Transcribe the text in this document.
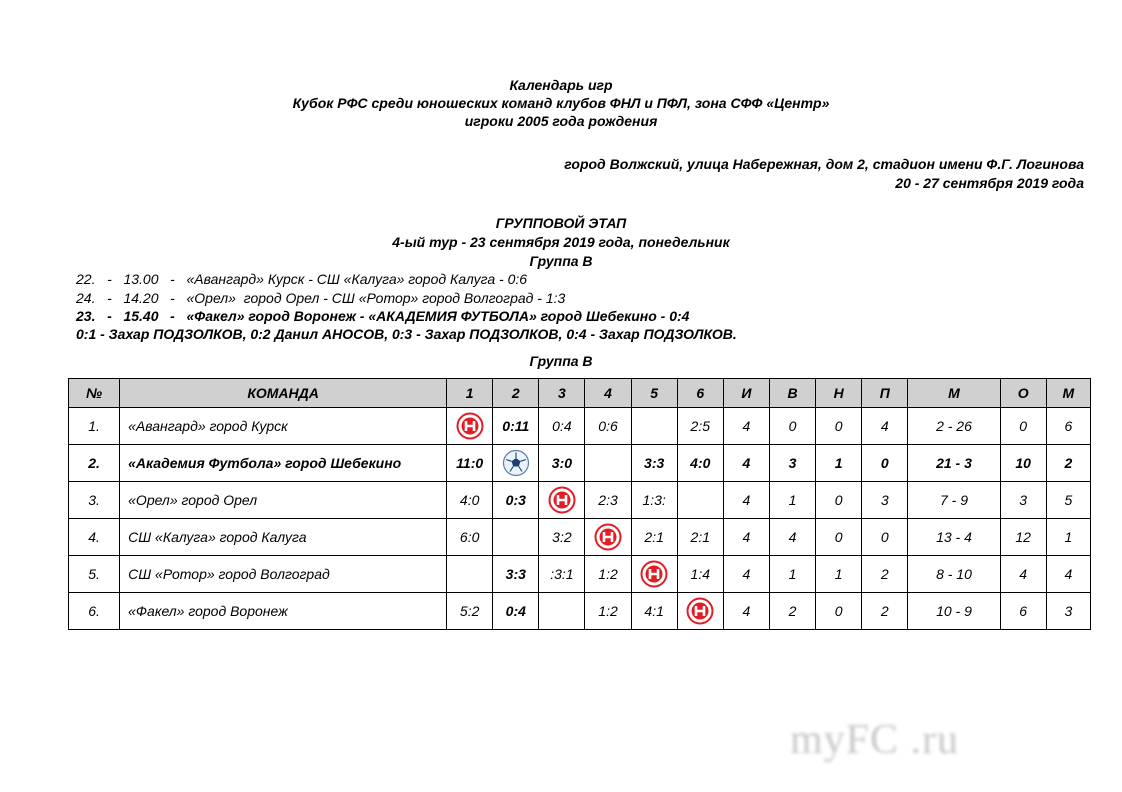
Календарь игр
Кубок РФС среди юношеских команд клубов ФНЛ и ПФЛ, зона СФФ «Центр»
игроки 2005 года рождения
город Волжский, улица Набережная, дом 2, стадион имени Ф.Г. Логинова
20 - 27 сентября 2019 года
ГРУППОВОЙ ЭТАП
4-ый тур - 23 сентября 2019 года, понедельник
Группа В
22.   -   13.00   -   «Авангард» Курск - СШ «Калуга» город Калуга - 0:6
24.   -   14.20   -   «Орел»  город Орел - СШ «Ротор» город Волгоград - 1:3
23.   -   15.40   -   «Факел» город Воронеж - «АКАДЕМИЯ ФУТБОЛА» город Шебекино - 0:4
0:1 - Захар ПОДЗОЛКОВ, 0:2 Данил АНОСОВ, 0:3 - Захар ПОДЗОЛКОВ, 0:4 - Захар ПОДЗОЛКОВ.
Группа В
№	КОМАНДА	1	2	3	4	5	6	И	В	Н	П	М	О	М
1.	«Авангард» город Курск		0:11	0:4	0:6		2:5	4	0	0	4	2 - 26	0	6
2.	«Академия Футбола» город Шебекино	11:0		3:0		3:3	4:0	4	3	1	0	21 - 3	10	2
3.	«Орел» город Орел	4:0	0:3		2:3	1:3:		4	1	0	3	7 - 9	3	5
4.	СШ «Калуга» город Калуга	6:0		3:2		2:1	2:1	4	4	0	0	13 - 4	12	1
5.	СШ «Ротор» город Волгоград		3:3	:3:1	1:2		1:4	4	1	1	2	8 - 10	4	4
6.	«Факел» город Воронеж	5:2	0:4		1:2	4:1		4	2	0	2	10 - 9	6	3
myFC .ru
